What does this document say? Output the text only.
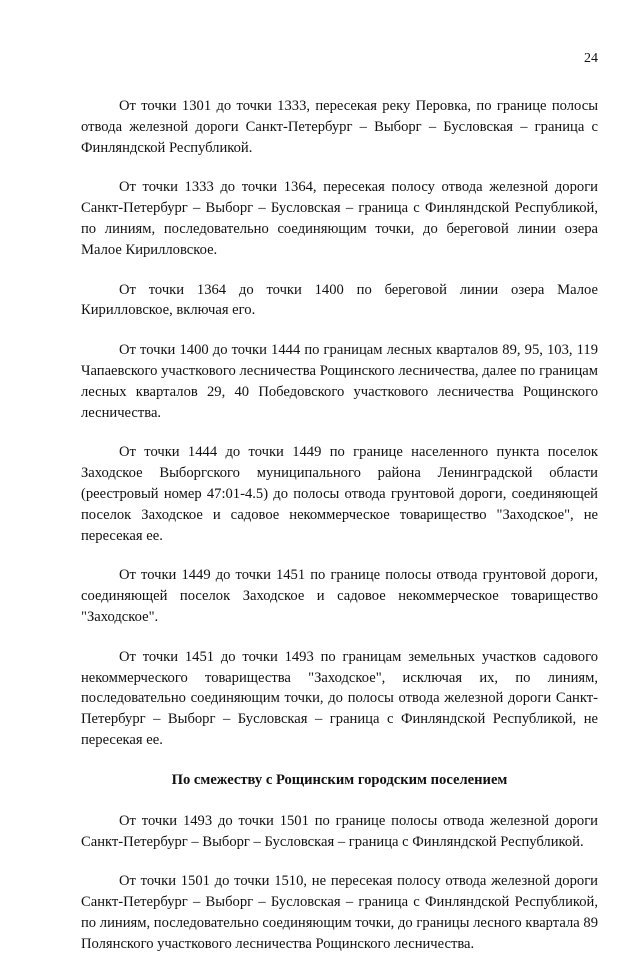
24

От точки 1301 до точки 1333, пересекая реку Перовка, по границе полосы отвода железной дороги Санкт-Петербург – Выборг – Бусловская – граница с Финляндской Республикой.

От точки 1333 до точки 1364, пересекая полосу отвода железной дороги Санкт-Петербург – Выборг – Бусловская – граница с Финляндской Республикой, по линиям, последовательно соединяющим точки, до береговой линии озера Малое Кирилловское.

От точки 1364 до точки 1400 по береговой линии озера Малое Кирилловское, включая его.

От точки 1400 до точки 1444 по границам лесных кварталов 89, 95, 103, 119 Чапаевского участкового лесничества Рощинского лесничества, далее по границам лесных кварталов 29, 40 Победовского участкового лесничества Рощинского лесничества.

От точки 1444 до точки 1449 по границе населенного пункта поселок Заходское Выборгского муниципального района Ленинградской области (реестровый номер 47:01-4.5) до полосы отвода грунтовой дороги, соединяющей поселок Заходское и садовое некоммерческое товарищество "Заходское", не пересекая ее.

От точки 1449 до точки 1451 по границе полосы отвода грунтовой дороги, соединяющей поселок Заходское и садовое некоммерческое товарищество "Заходское".

От точки 1451 до точки 1493 по границам земельных участков садового некоммерческого товарищества "Заходское", исключая их, по линиям, последовательно соединяющим точки, до полосы отвода железной дороги Санкт-Петербург – Выборг – Бусловская – граница с Финляндской Республикой, не пересекая ее.

По смежеству с Рощинским городским поселением

От точки 1493 до точки 1501 по границе полосы отвода железной дороги Санкт-Петербург – Выборг – Бусловская – граница с Финляндской Республикой.

От точки 1501 до точки 1510, не пересекая полосу отвода железной дороги Санкт-Петербург – Выборг – Бусловская – граница с Финляндской Республикой, по линиям, последовательно соединяющим точки, до границы лесного квартала 89 Полянского участкового лесничества Рощинского лесничества.
